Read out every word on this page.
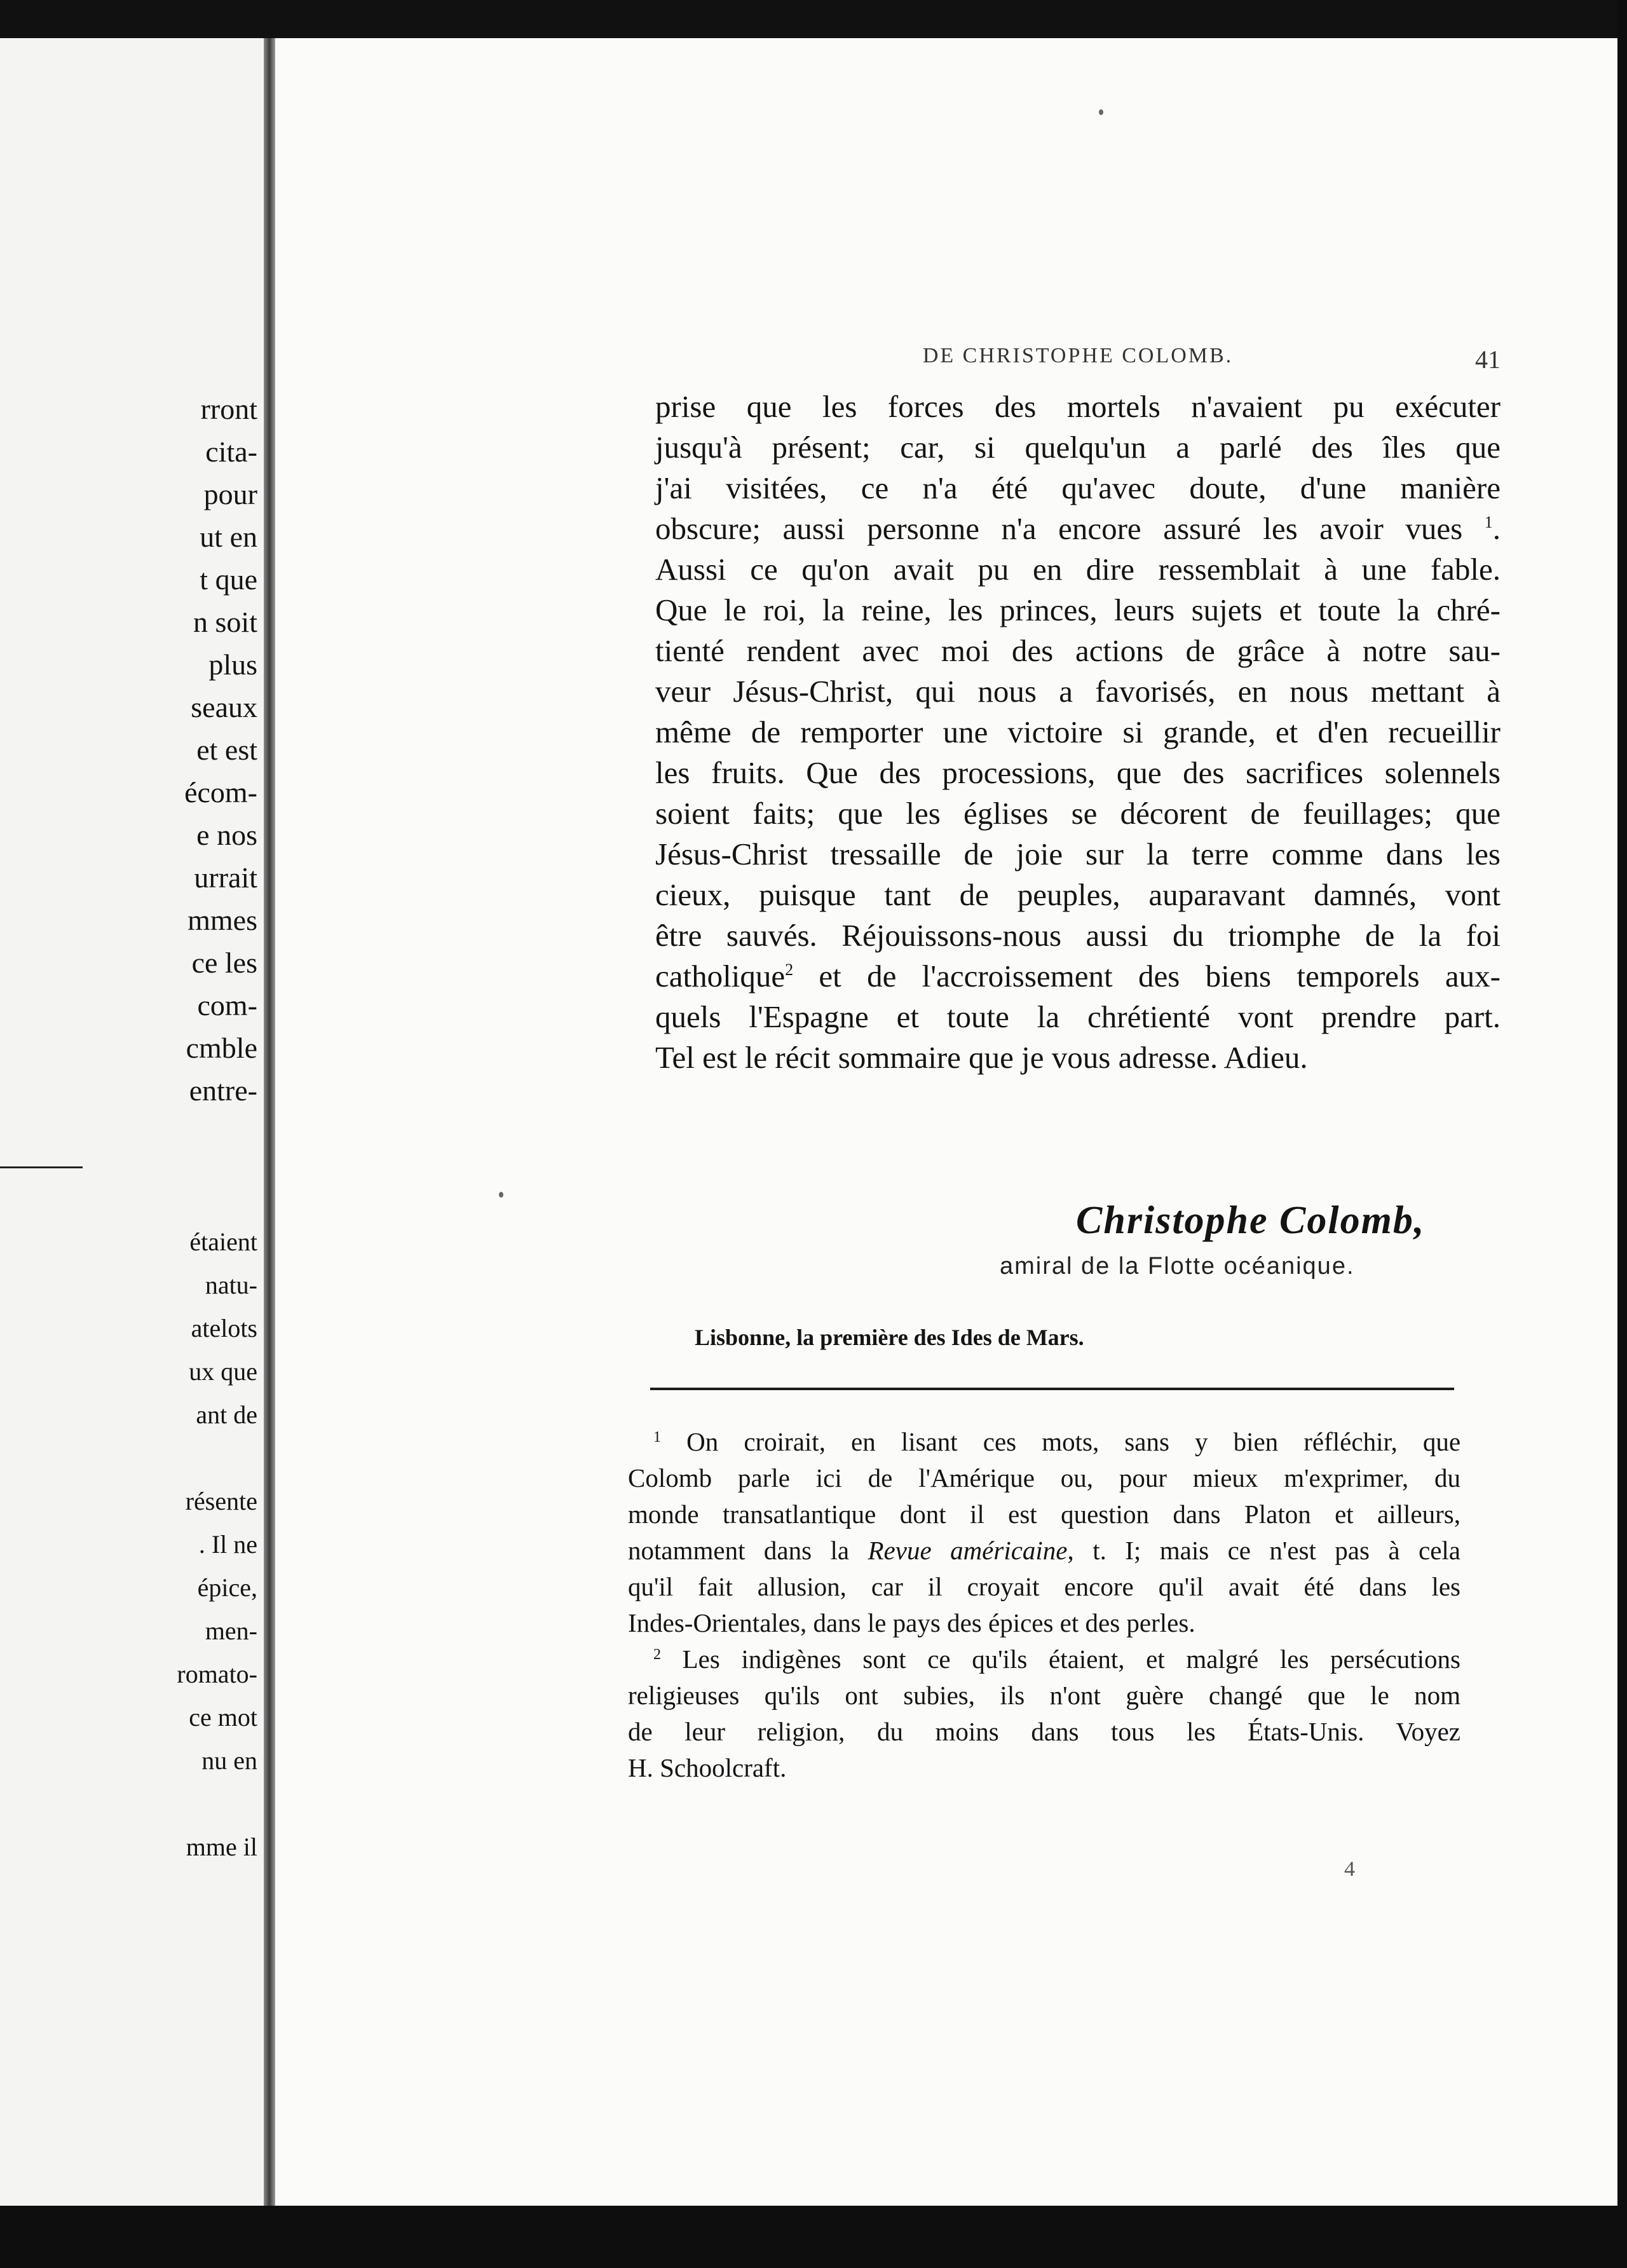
rront
cita-
pour
ut en
t que
n soit
plus
seaux
et est
écom-
e nos
urrait
mmes
ce les
com-
cmble
entre-
étaient
natu-
atelots
ux que
ant de
résente
. Il ne
épice,
men-
romato-
ce mot
nu en
mme il
DE CHRISTOPHE COLOMB.	41
prise que les forces des mortels n'avaient pu exécuter
jusqu'à présent; car, si quelqu'un a parlé des îles que
j'ai visitées, ce n'a été qu'avec doute, d'une manière
obscure; aussi personne n'a encore assuré les avoir vues $^1$.
Aussi ce qu'on avait pu en dire ressemblait à une fable.
Que le roi, la reine, les princes, leurs sujets et toute la chré-
tienté rendent avec moi des actions de grâce à notre sau-
veur Jésus-Christ, qui nous a favorisés, en nous mettant à
même de remporter une victoire si grande, et d'en recueillir
les fruits. Que des processions, que des sacrifices solennels
soient faits; que les églises se décorent de feuillages; que
Jésus-Christ tressaille de joie sur la terre comme dans les
cieux, puisque tant de peuples, auparavant damnés, vont
être sauvés. Réjouissons-nous aussi du triomphe de la foi
catholique$^2$ et de l'accroissement des biens temporels aux-
quels l'Espagne et toute la chrétienté vont prendre part.
Tel est le récit sommaire que je vous adresse. Adieu.
Christophe Colomb,
amiral de la Flotte océanique.
Lisbonne, la première des Ides de Mars.
$^1$ On croirait, en lisant ces mots, sans y bien réfléchir, que
Colomb parle ici de l'Amérique ou, pour mieux m'exprimer, du
monde transatlantique dont il est question dans Platon et ailleurs,
notamment dans la Revue américaine, t. I; mais ce n'est pas à cela
qu'il fait allusion, car il croyait encore qu'il avait été dans les
Indes-Orientales, dans le pays des épices et des perles.
$^2$ Les indigènes sont ce qu'ils étaient, et malgré les persécutions
religieuses qu'ils ont subies, ils n'ont guère changé que le nom
de leur religion, du moins dans tous les États-Unis. Voyez
H. Schoolcraft.
4
